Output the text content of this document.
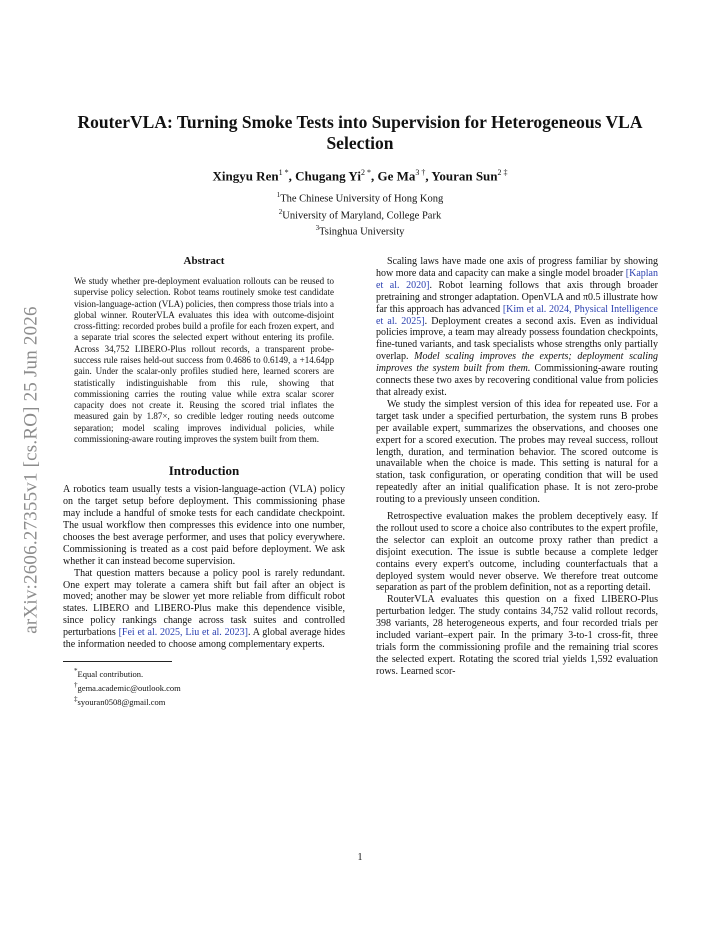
arXiv:2606.27355v1 [cs.RO] 25 Jun 2026
RouterVLA: Turning Smoke Tests into Supervision for Heterogeneous VLA Selection
Xingyu Ren$^{1 *}$, Chugang $Yi^{2 *}$, Ge $Ma^{3 \dagger}$, Youran Sun$^{2 \ddagger}$
$^1$The Chinese University of Hong Kong
$^2$University of Maryland, College Park
$^3$Tsinghua University
Abstract

We study whether pre-deployment evaluation rollouts can be reused to supervise policy selection. Robot teams routinely smoke test candidate vision-language-action (VLA) policies, then compress those trials into a global winner. RouterVLA evaluates this idea with outcome-disjoint cross-fitting: recorded probes build a profile for each frozen expert, and a separate trial scores the selected expert without entering its profile. Across 34,752 LIBERO-Plus rollout records, a transparent probe-success rule raises held-out success from 0.4686 to 0.6149, a +14.64pp gain. Under the scalar-only profiles studied here, learned scorers are statistically indistinguishable from this rule, showing that commissioning carries the routing value while extra scalar scorer capacity does not create it. Reusing the scored trial inflates the measured gain by 1.87×, so credible ledger routing needs outcome separation; model scaling improves individual policies, while commissioning-aware routing improves the system built from them.

Introduction

A robotics team usually tests a vision-language-action (VLA) policy on the target setup before deployment. This commissioning phase may include a handful of smoke tests for each candidate checkpoint. The usual workflow then compresses this evidence into one number, chooses the best average performer, and uses that policy everywhere. Commissioning is treated as a cost paid before deployment. We ask whether it can instead become supervision.

That question matters because a policy pool is rarely redundant. One expert may tolerate a camera shift but fail after an object is moved; another may be slower yet more reliable from difficult robot states. LIBERO and LIBERO-Plus make this dependence visible, since policy rankings change across task suites and controlled perturbations [Fei et al. 2025, Liu et al. 2023]. A global average hides the information needed to choose among complementary experts.

*Equal contribution.
†gema.academic@outlook.com
‡syouran0508@gmail.com

Scaling laws have made one axis of progress familiar by showing how more data and capacity can make a single model broader [Kaplan et al. 2020]. Robot learning follows that axis through broader pretraining and stronger adaptation. OpenVLA and π0.5 illustrate how far this approach has advanced [Kim et al. 2024, Physical Intelligence et al. 2025]. Deployment creates a second axis. Even as individual policies improve, a team may already possess foundation checkpoints, fine-tuned variants, and task specialists whose strengths only partially overlap. Model scaling improves the experts; deployment scaling improves the system built from them. Commissioning-aware routing connects these two axes by recovering conditional value from policies that already exist.

We study the simplest version of this idea for repeated use. For a target task under a specified perturbation, the system runs B probes per available expert, summarizes the observations, and chooses one expert for a scored execution. The probes may reveal success, rollout length, duration, and termination behavior. The scored outcome is unavailable when the choice is made. This setting is natural for a station, task configuration, or operating condition that will be used repeatedly after an initial qualification phase. It is not zero-probe routing to a previously unseen condition.

Retrospective evaluation makes the problem deceptively easy. If the rollout used to score a choice also contributes to the expert profile, the selector can exploit an outcome proxy rather than predict a disjoint execution. The issue is subtle because a complete ledger contains every expert's outcome, including counterfactuals that a deployed system would never observe. We therefore treat outcome separation as part of the problem definition, not as a reporting detail.

RouterVLA evaluates this question on a fixed LIBERO-Plus perturbation ledger. The study contains 34,752 valid rollout records, 398 variants, 28 heterogeneous experts, and four recorded trials per included variant–expert pair. In the primary 3-to-1 cross-fit, three trials form the commissioning profile and the remaining trial scores the selected expert. Rotating the scored trial yields 1,592 evaluation rows. Learned scor-

1
